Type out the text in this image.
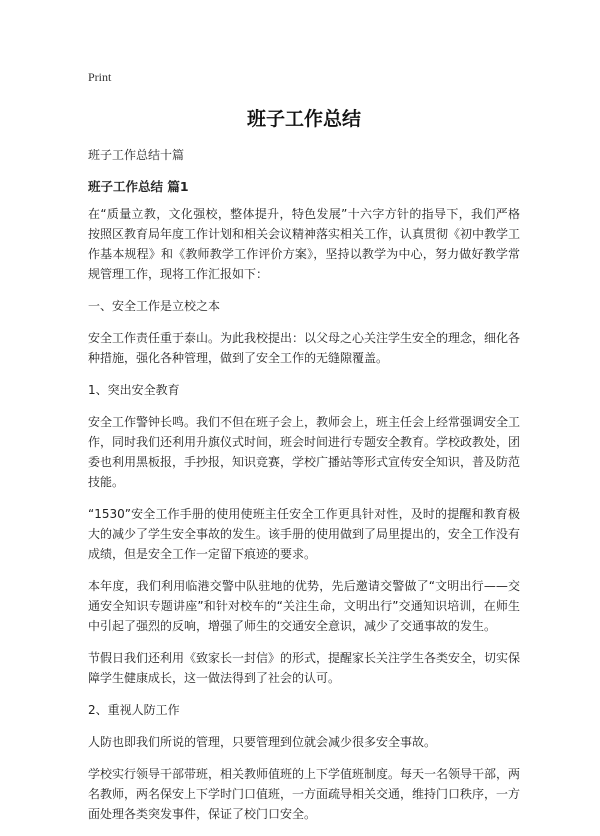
Print
班子工作总结
班子工作总结十篇
班子工作总结 篇1

在“质量立教，文化强校，整体提升，特色发展”十六字方针的指导下，我们严格按照区教育局年度工作计划和相关会议精神落实相关工作，认真贯彻《初中教学工作基本规程》和《教师教学工作评价方案》，坚持以教学为中心，努力做好教学常规管理工作，现将工作汇报如下：

一、安全工作是立校之本

安全工作责任重于泰山。为此我校提出：以父母之心关注学生安全的理念，细化各种措施，强化各种管理，做到了安全工作的无缝隙覆盖。

1、突出安全教育

安全工作警钟长鸣。我们不但在班子会上，教师会上，班主任会上经常强调安全工作，同时我们还利用升旗仪式时间，班会时间进行专题安全教育。学校政教处，团委也利用黑板报，手抄报，知识竞赛，学校广播站等形式宣传安全知识，普及防范技能。

“1530”安全工作手册的使用使班主任安全工作更具针对性，及时的提醒和教育极大的减少了学生安全事故的发生。该手册的使用做到了局里提出的，安全工作没有成绩，但是安全工作一定留下痕迹的要求。

本年度，我们利用临港交警中队驻地的优势，先后邀请交警做了“文明出行——交通安全知识专题讲座”和针对校车的“关注生命，文明出行”交通知识培训，在师生中引起了强烈的反响，增强了师生的交通安全意识，减少了交通事故的发生。

节假日我们还利用《致家长一封信》的形式，提醒家长关注学生各类安全，切实保障学生健康成长，这一做法得到了社会的认可。

2、重视人防工作

人防也即我们所说的管理，只要管理到位就会减少很多安全事故。

学校实行领导干部带班，相关教师值班的上下学值班制度。每天一名领导干部，两名教师，两名保安上下学时门口值班，一方面疏导相关交通，维持门口秩序，一方面处理各类突发事件，保证了校门口安全。
